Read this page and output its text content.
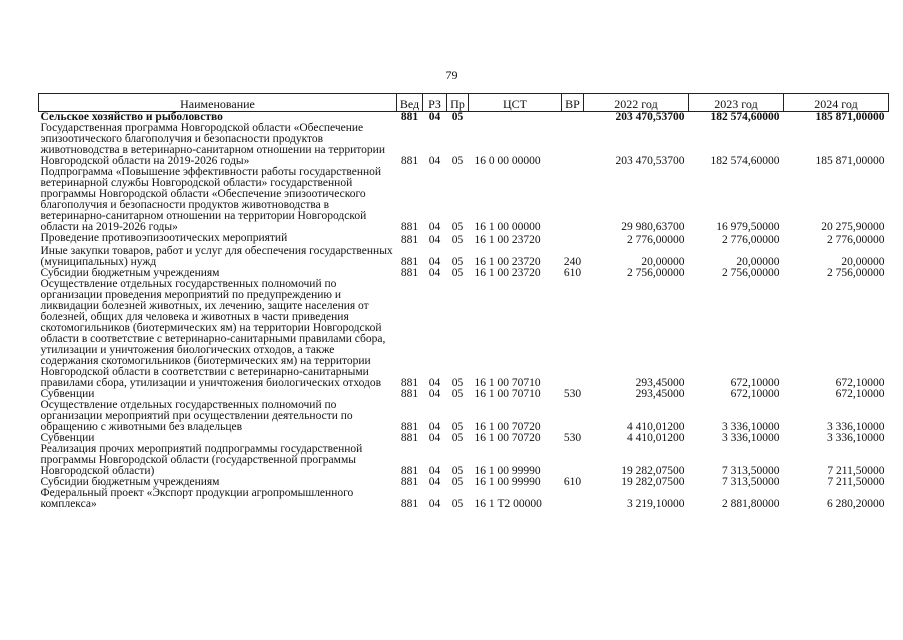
79
Наименование	Вед	РЗ	Пр	ЦСТ	ВР	2022 год	2023 год	2024 год
Сельское хозяйство и рыболовство	881	04	05			203 470,53700	182 574,60000	185 871,00000
Государственная программа Новгородской области «Обеспечение эпизоотического благополучия и безопасности продуктов животноводства в ветеринарно-санитарном отношении на территории Новгородской области на 2019-2026 годы»	881	04	05	16 0 00 00000		203 470,53700	182 574,60000	185 871,00000
Подпрограмма «Повышение эффективности работы государственной ветеринарной службы Новгородской области» государственной программы Новгородской области «Обеспечение эпизоотического благополучия и безопасности продуктов животноводства в ветеринарно-санитарном отношении на территории Новгородской области на 2019-2026 годы»	881	04	05	16 1 00 00000		29 980,63700	16 979,50000	20 275,90000
Проведение противоэпизоотических мероприятий	881	04	05	16 1 00 23720		2 776,00000	2 776,00000	2 776,00000
Иные закупки товаров, работ и услуг для обеспечения государственных (муниципальных) нужд	881	04	05	16 1 00 23720	240	20,00000	20,00000	20,00000
Субсидии бюджетным учреждениям	881	04	05	16 1 00 23720	610	2 756,00000	2 756,00000	2 756,00000
Осуществление отдельных государственных полномочий по организации проведения мероприятий по предупреждению и ликвидации болезней животных, их лечению, защите населения от болезней, общих для человека и животных в части приведения скотомогильников (биотермических ям) на территории Новгородской области в соответствие с ветеринарно-санитарными правилами сбора, утилизации и уничтожения биологических отходов, а также содержания скотомогильников (биотермических ям) на территории Новгородской области в соответствии с ветеринарно-санитарными правилами сбора, утилизации и уничтожения биологических отходов	881	04	05	16 1 00 70710		293,45000	672,10000	672,10000
Субвенции	881	04	05	16 1 00 70710	530	293,45000	672,10000	672,10000
Осуществление отдельных государственных полномочий по организации мероприятий при осуществлении деятельности по обращению с животными без владельцев	881	04	05	16 1 00 70720		4 410,01200	3 336,10000	3 336,10000
Субвенции	881	04	05	16 1 00 70720	530	4 410,01200	3 336,10000	3 336,10000
Реализация прочих мероприятий подпрограммы государственной программы Новгородской области (государственной программы Новгородской области)	881	04	05	16 1 00 99990		19 282,07500	7 313,50000	7 211,50000
Субсидии бюджетным учреждениям	881	04	05	16 1 00 99990	610	19 282,07500	7 313,50000	7 211,50000
Федеральный проект «Экспорт продукции агропромышленного комплекса»	881	04	05	16 1 Т2 00000		3 219,10000	2 881,80000	6 280,20000
